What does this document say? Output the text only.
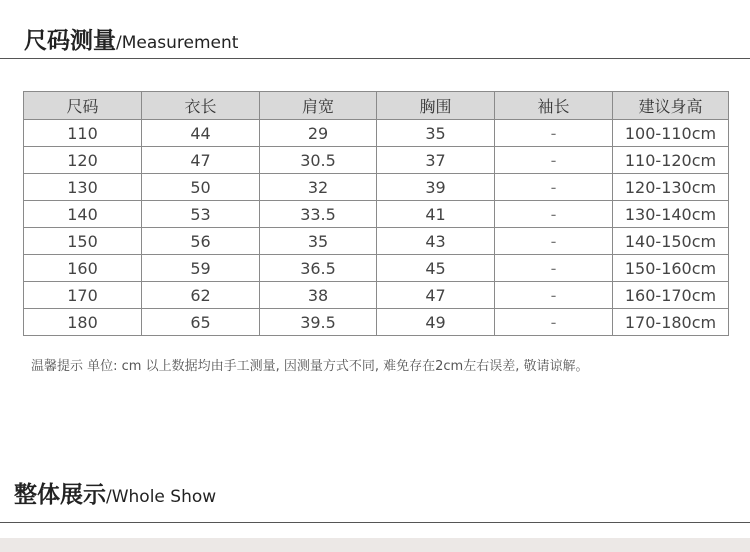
尺码测量/Measurement
尺码	衣长	肩宽	胸围	袖长	建议身高
110	44	29	35	-	100-110cm
120	47	30.5	37	-	110-120cm
130	50	32	39	-	120-130cm
140	53	33.5	41	-	130-140cm
150	56	35	43	-	140-150cm
160	59	36.5	45	-	150-160cm
170	62	38	47	-	160-170cm
180	65	39.5	49	-	170-180cm
温馨提示 单位: cm 以上数据均由手工测量, 因测量方式不同, 难免存在2cm左右误差, 敬请谅解。
整体展示/Whole Show
